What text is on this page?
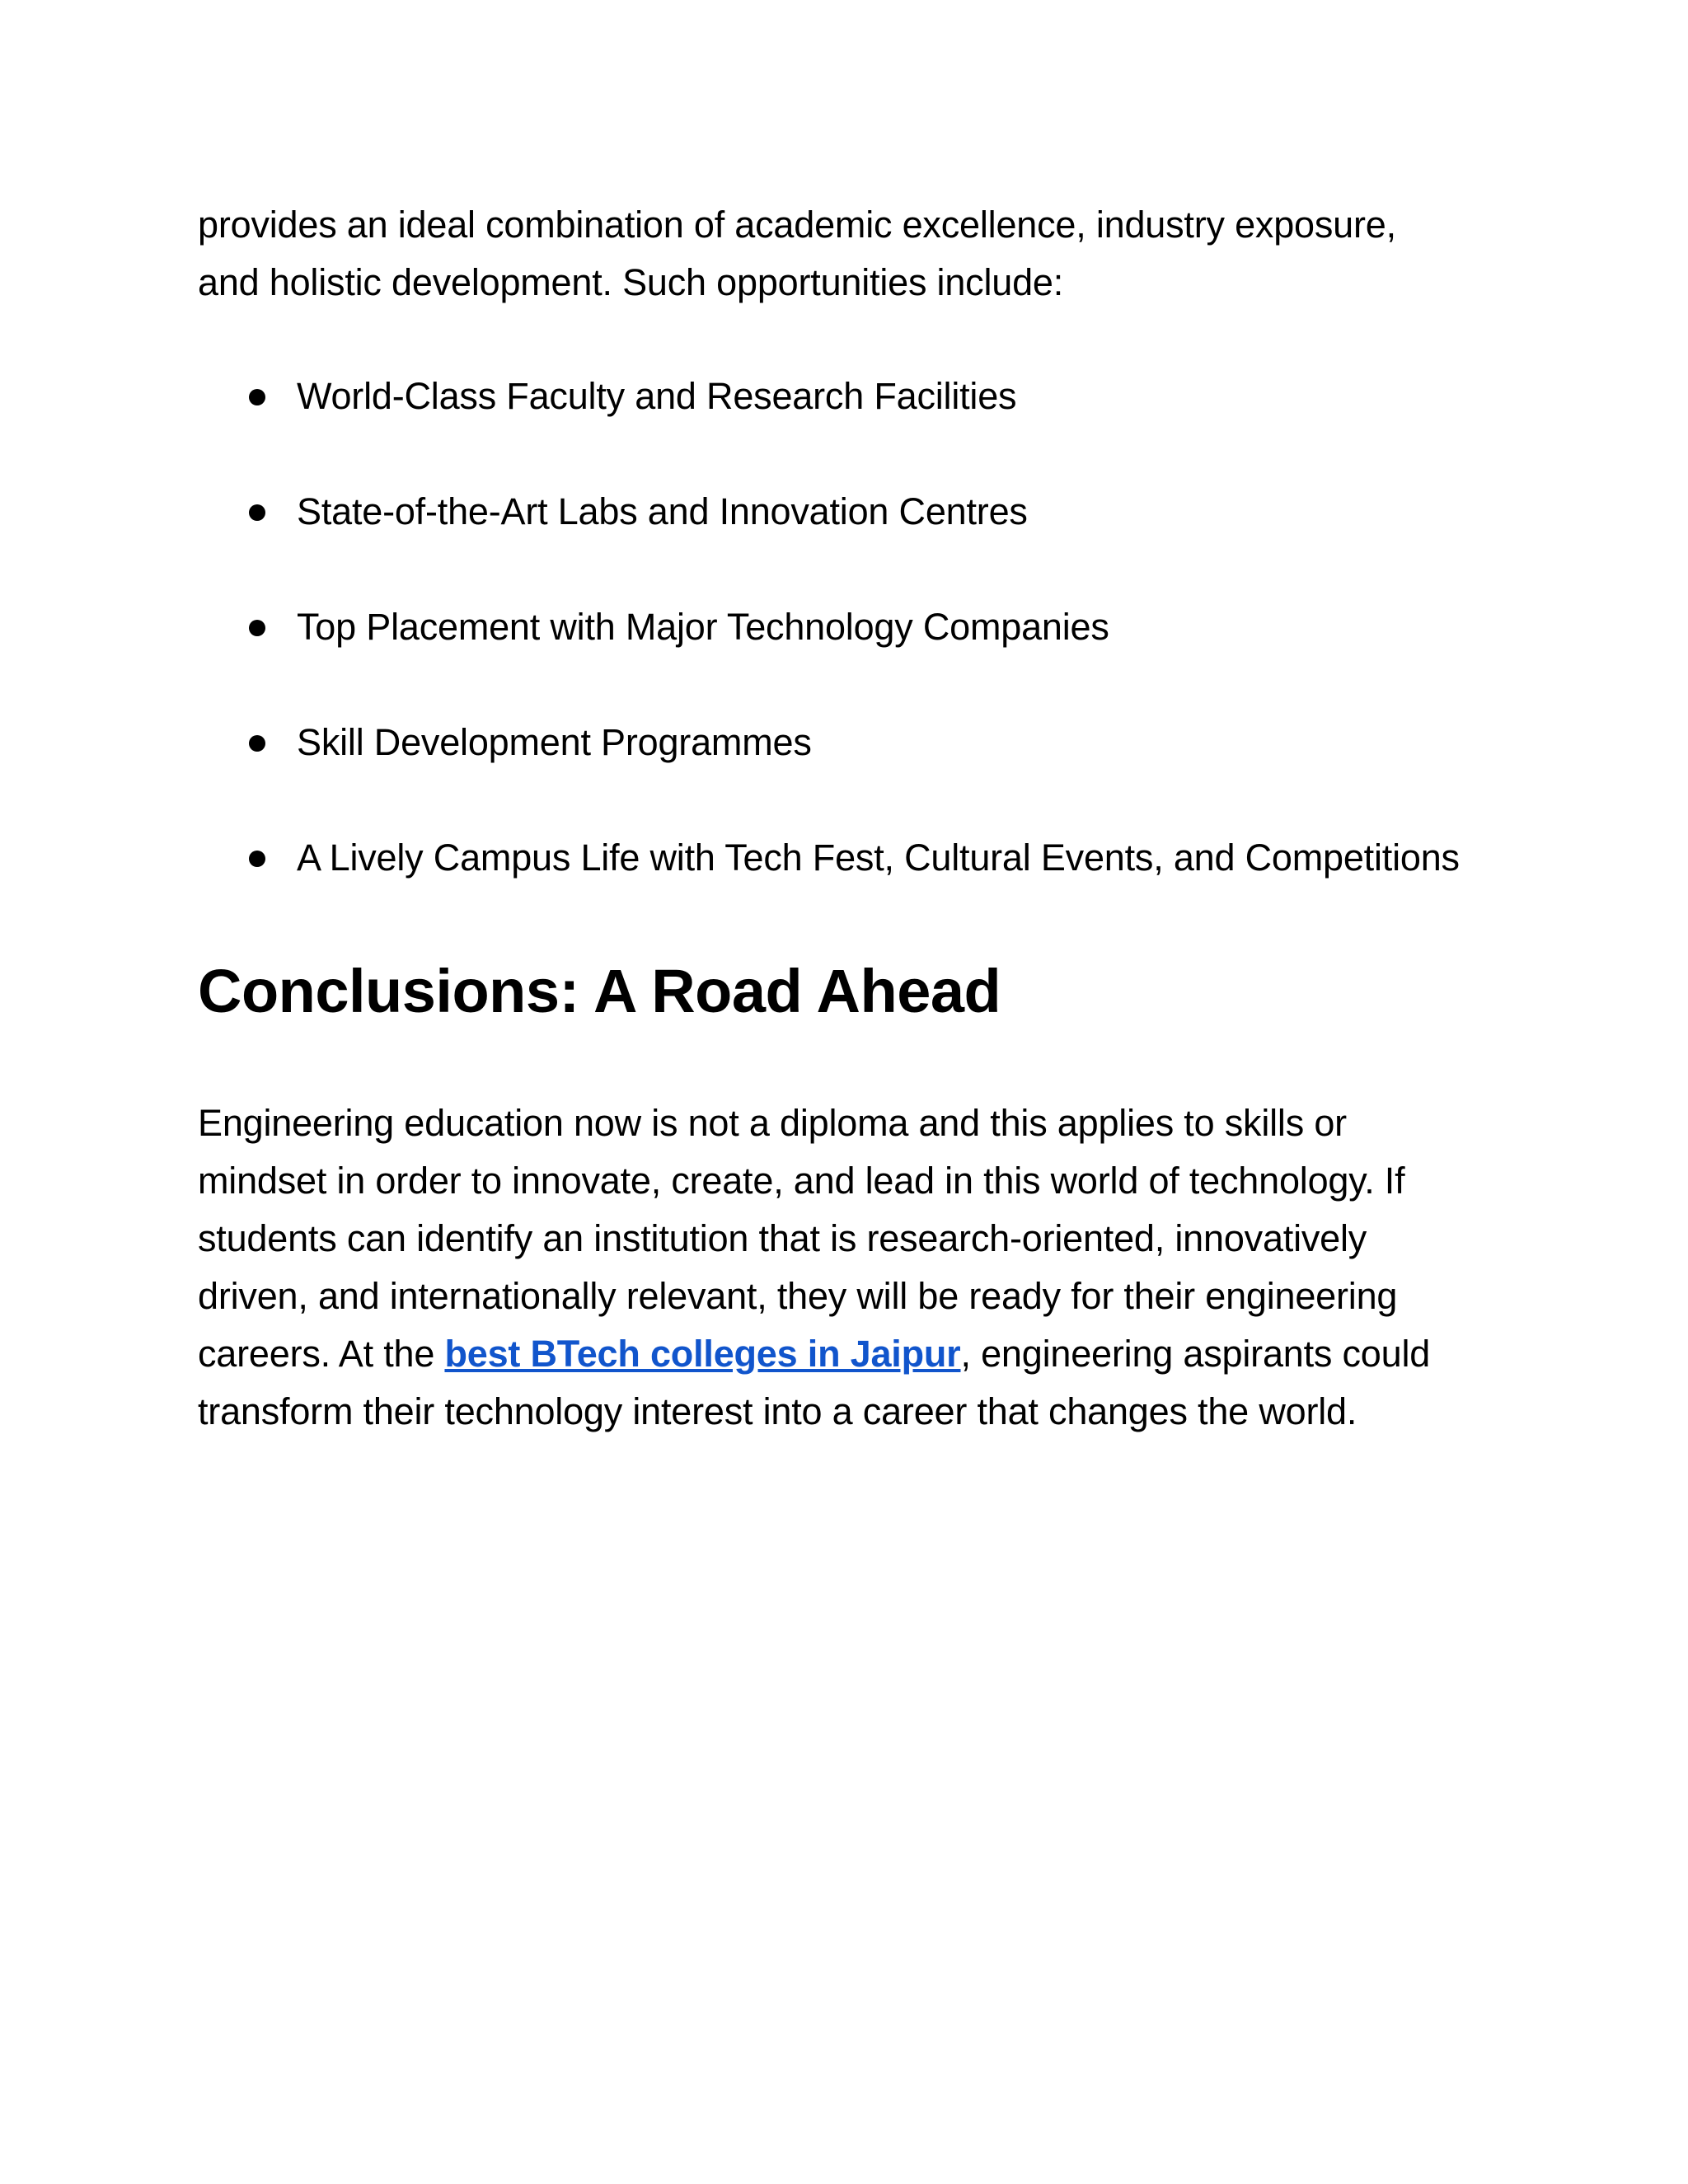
provides an ideal combination of academic excellence, industry exposure,
and holistic development. Such opportunities include:

World-Class Faculty and Research Facilities
State-of-the-Art Labs and Innovation Centres
Top Placement with Major Technology Companies
Skill Development Programmes
A Lively Campus Life with Tech Fest, Cultural Events, and Competitions
Conclusions: A Road Ahead

Engineering education now is not a diploma and this applies to skills or
mindset in order to innovate, create, and lead in this world of technology. If
students can identify an institution that is research-oriented, innovatively
driven, and internationally relevant, they will be ready for their engineering
careers. At the best BTech colleges in Jaipur, engineering aspirants could
transform their technology interest into a career that changes the world.
